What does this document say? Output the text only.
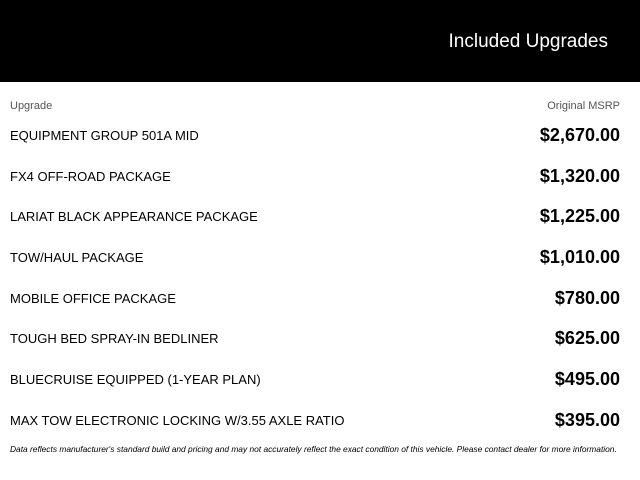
Included Upgrades
Upgrade	Original MSRP
EQUIPMENT GROUP 501A MID	$2,670.00
FX4 OFF-ROAD PACKAGE	$1,320.00
LARIAT BLACK APPEARANCE PACKAGE	$1,225.00
TOW/HAUL PACKAGE	$1,010.00
MOBILE OFFICE PACKAGE	$780.00
TOUGH BED SPRAY-IN BEDLINER	$625.00
BLUECRUISE EQUIPPED (1-YEAR PLAN)	$495.00
MAX TOW ELECTRONIC LOCKING W/3.55 AXLE RATIO	$395.00
Data reflects manufacturer's standard build and pricing and may not accurately reflect the exact condition of this vehicle. Please contact dealer for more information.
